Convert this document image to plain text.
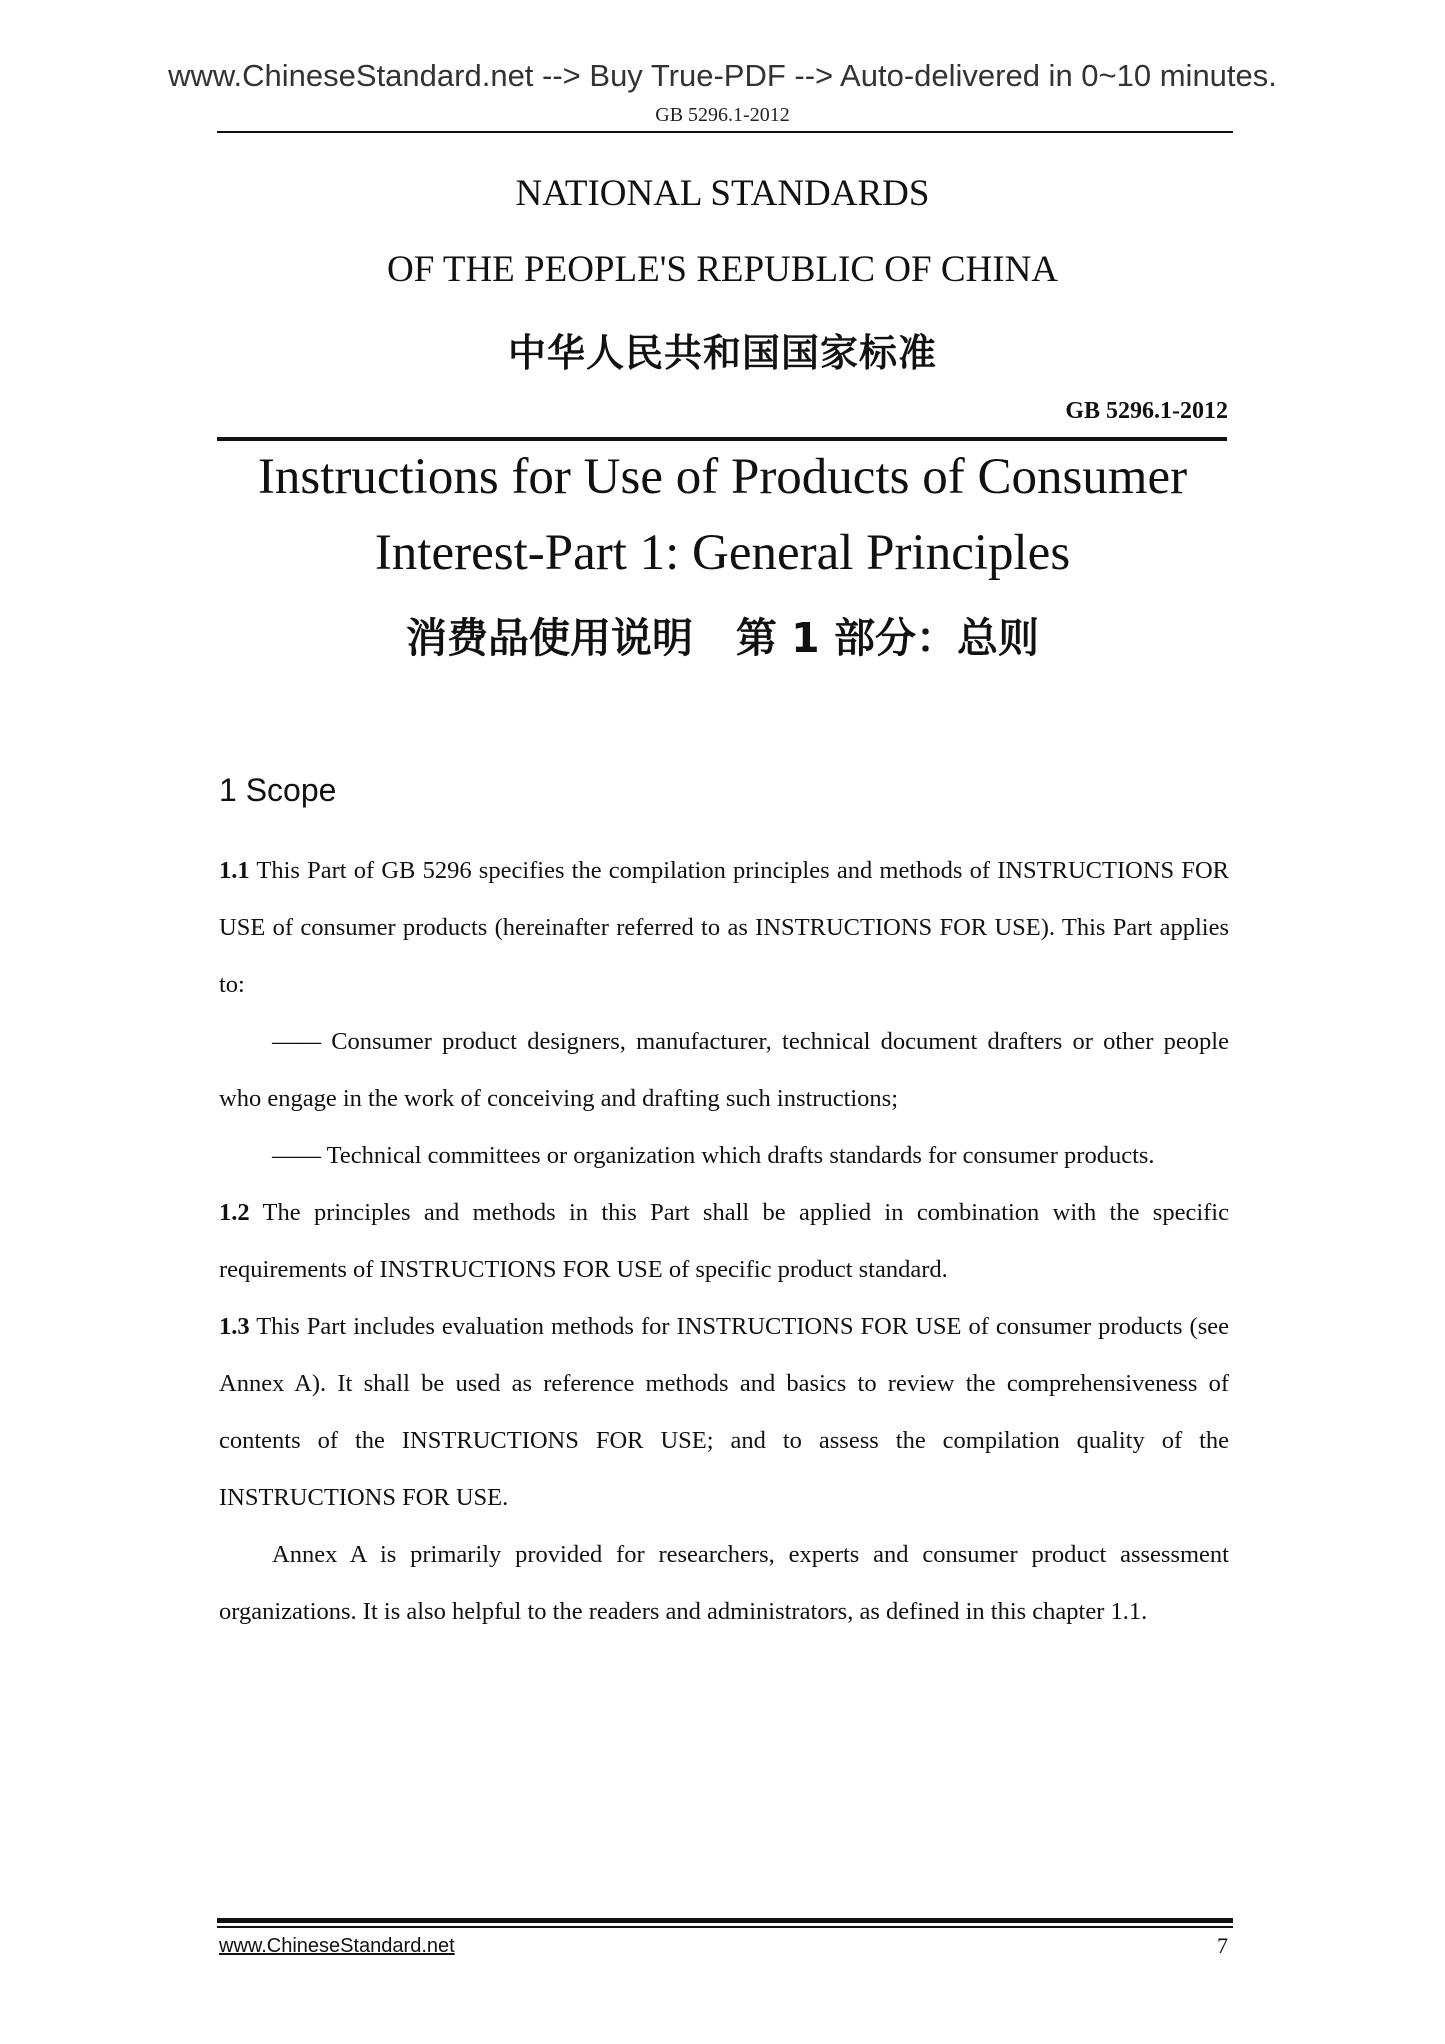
www.ChineseStandard.net --> Buy True-PDF --> Auto-delivered in 0~10 minutes.
GB 5296.1-2012
NATIONAL STANDARDS
OF THE PEOPLE'S REPUBLIC OF CHINA
中华人民共和国国家标准
GB 5296.1-2012
Instructions for Use of Products of Consumer
Interest-Part 1: General Principles
消费品使用说明   第 1 部分：总则
1 Scope

1.1 This Part of GB 5296 specifies the compilation principles and methods of INSTRUCTIONS FOR USE of consumer products (hereinafter referred to as INSTRUCTIONS FOR USE). This Part applies to:

—— Consumer product designers, manufacturer, technical document drafters or other people who engage in the work of conceiving and drafting such instructions;

—— Technical committees or organization which drafts standards for consumer products.

1.2 The principles and methods in this Part shall be applied in combination with the specific requirements of INSTRUCTIONS FOR USE of specific product standard.

1.3 This Part includes evaluation methods for INSTRUCTIONS FOR USE of consumer products (see Annex A). It shall be used as reference methods and basics to review the comprehensiveness of contents of the INSTRUCTIONS FOR USE; and to assess the compilation quality of the INSTRUCTIONS FOR USE.

Annex A is primarily provided for researchers, experts and consumer product assessment organizations. It is also helpful to the readers and administrators, as defined in this chapter 1.1.

www.ChineseStandard.net	7
